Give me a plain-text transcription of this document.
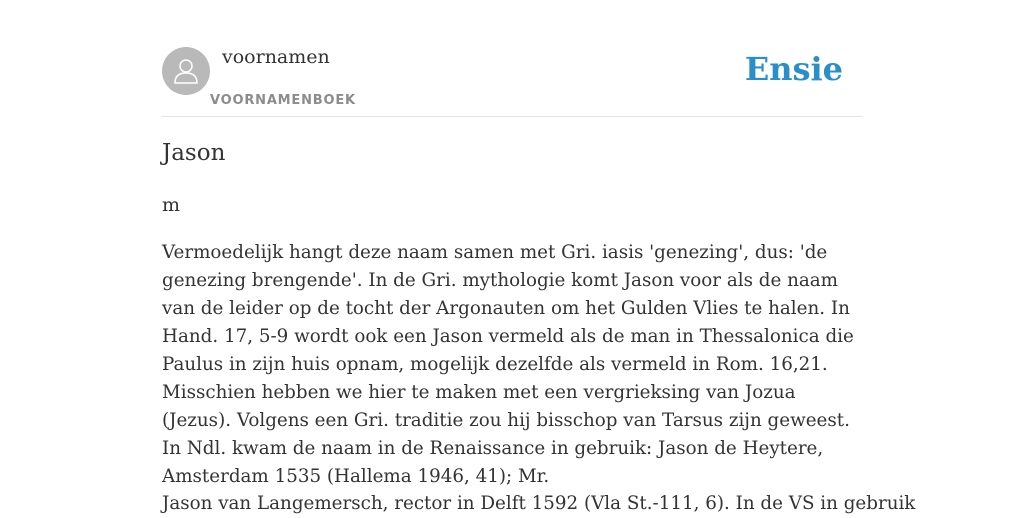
voornamen
VOORNAMENBOEK
Ensie
Jason
m

Vermoedelijk hangt deze naam samen met Gri. iasis 'genezing', dus: 'de genezing brengende'. In de Gri. mythologie komt Jason voor als de naam van de leider op de tocht der Argonauten om het Gulden Vlies te halen. In Hand. 17, 5-9 wordt ook een Jason vermeld als de man in Thessalonica die Paulus in zijn huis opnam, mogelijk dezelfde als vermeld in Rom. 16,21. Misschien hebben we hier te maken met een vergrieksing van Jozua (Jezus). Volgens een Gri. traditie zou hij bisschop van Tarsus zijn geweest. In Ndl. kwam de naam in de Renaissance in gebruik: Jason de Heytere, Amsterdam 1535 (Hallema 1946, 41); Mr.

Jason van Langemersch, rector in Delft 1592 (Vla St.-111, 6). In de VS in gebruik
